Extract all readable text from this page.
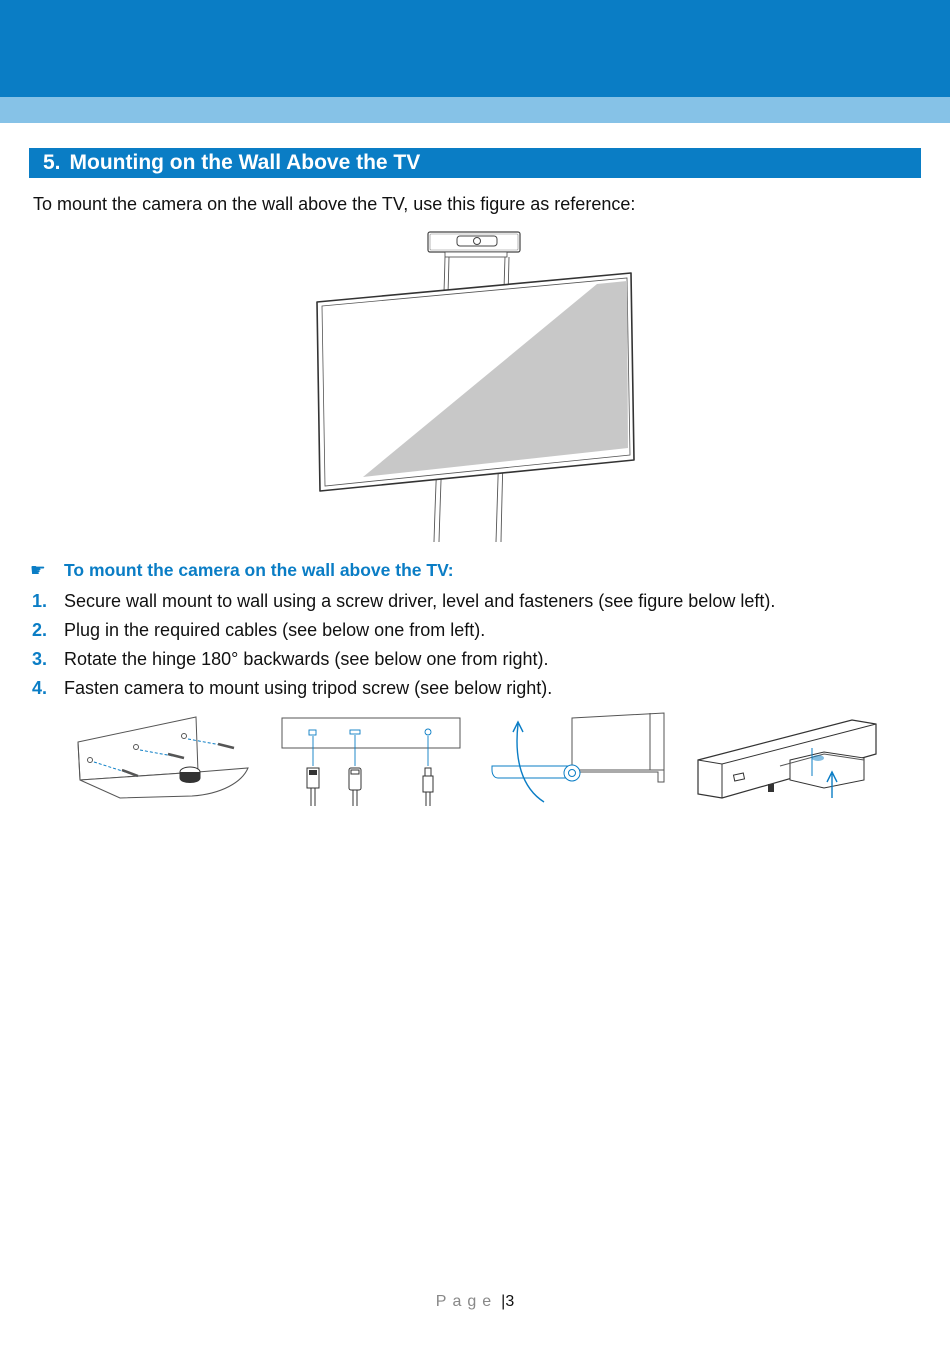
5. Mounting on the Wall Above the TV
To mount the camera on the wall above the TV, use this figure as reference:
☛ To mount the camera on the wall above the TV:
1. Secure wall mount to wall using a screw driver, level and fasteners (see figure below left).
2. Plug in the required cables (see below one from left).
3. Rotate the hinge 180° backwards (see below one from right).
4. Fasten camera to mount using tripod screw (see below right).
Page |3
